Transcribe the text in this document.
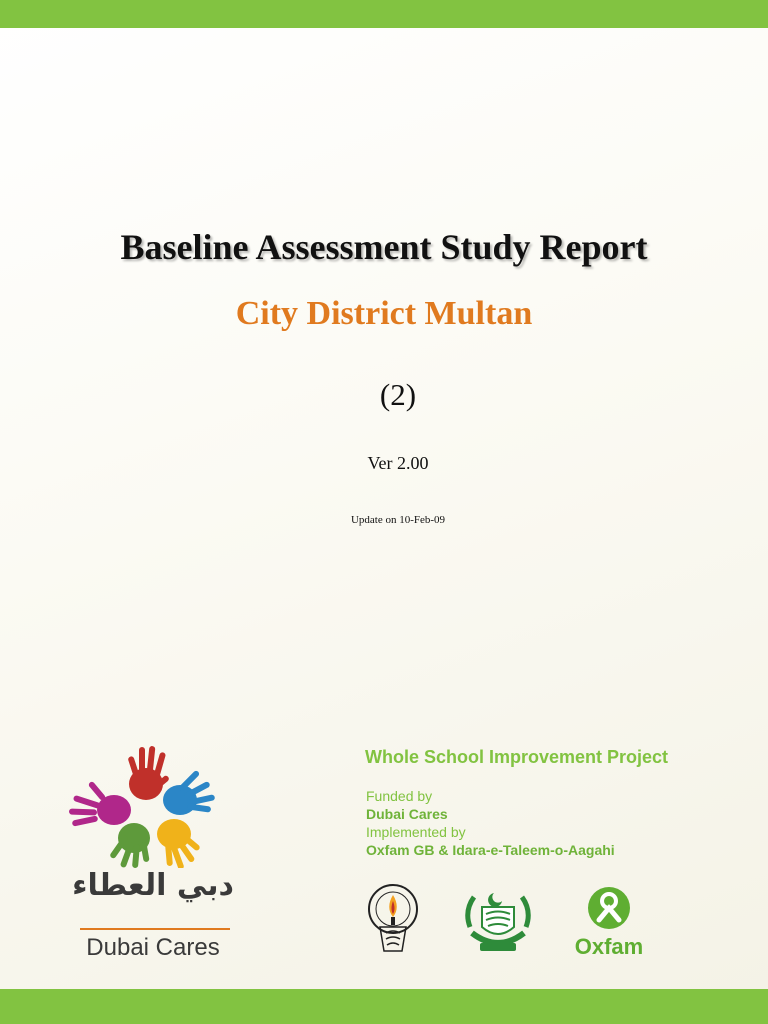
Baseline Assessment Study Report
City District Multan
(2)
Ver 2.00
Update on 10-Feb-09
دبي العطاء
Dubai Cares
Whole School Improvement Project
Funded by
Dubai Cares
Implemented by
Oxfam GB & Idara-e-Taleem-o-Aagahi
Oxfam
